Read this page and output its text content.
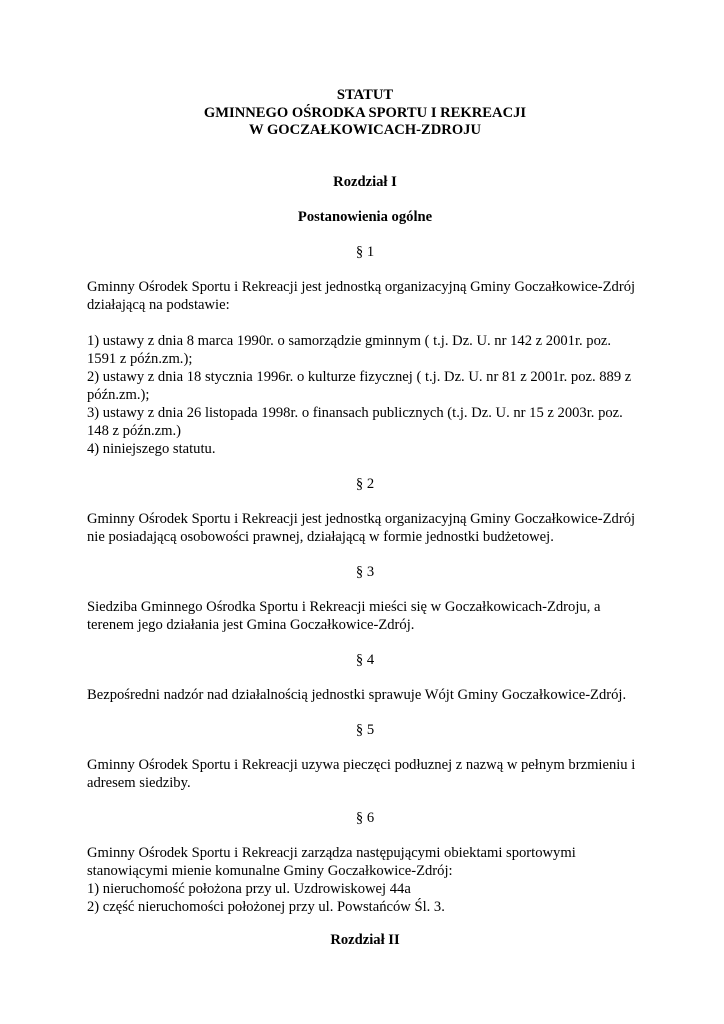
STATUT
GMINNEGO OŚRODKA SPORTU I REKREACJI
W GOCZAŁKOWICACH-ZDROJU

Rozdział I

Postanowienia ogólne

§ 1

Gminny Ośrodek Sportu i Rekreacji jest jednostką organizacyjną Gminy Goczałkowice-Zdrój
działającą na podstawie:
1) ustawy z dnia 8 marca 1990r. o samorządzie gminnym ( t.j. Dz. U. nr 142 z 2001r. poz.
1591 z późn.zm.);
2) ustawy z dnia 18 stycznia 1996r. o kulturze fizycznej ( t.j. Dz. U. nr 81 z 2001r. poz. 889 z
późn.zm.);
3) ustawy z dnia 26 listopada 1998r. o finansach publicznych (t.j. Dz. U. nr 15 z 2003r. poz.
148 z późn.zm.)
4) niniejszego statutu.

§ 2

Gminny Ośrodek Sportu i Rekreacji jest jednostką organizacyjną Gminy Goczałkowice-Zdrój
nie posiadającą osobowości prawnej, działającą w formie jednostki budżetowej.

§ 3

Siedziba Gminnego Ośrodka Sportu i Rekreacji mieści się w Goczałkowicach-Zdroju, a
terenem jego działania jest Gmina Goczałkowice-Zdrój.

§ 4

Bezpośredni nadzór nad działalnością jednostki sprawuje Wójt Gminy Goczałkowice-Zdrój.

§ 5

Gminny Ośrodek Sportu i Rekreacji uzywa pieczęci podłuznej z nazwą w pełnym brzmieniu i
adresem siedziby.

§ 6

Gminny Ośrodek Sportu i Rekreacji zarządza następującymi obiektami sportowymi
stanowiącymi mienie komunalne Gminy Goczałkowice-Zdrój:
1) nieruchomość położona przy ul. Uzdrowiskowej 44a
2) część nieruchomości położonej przy ul. Powstańców Śl. 3.

Rozdział II
